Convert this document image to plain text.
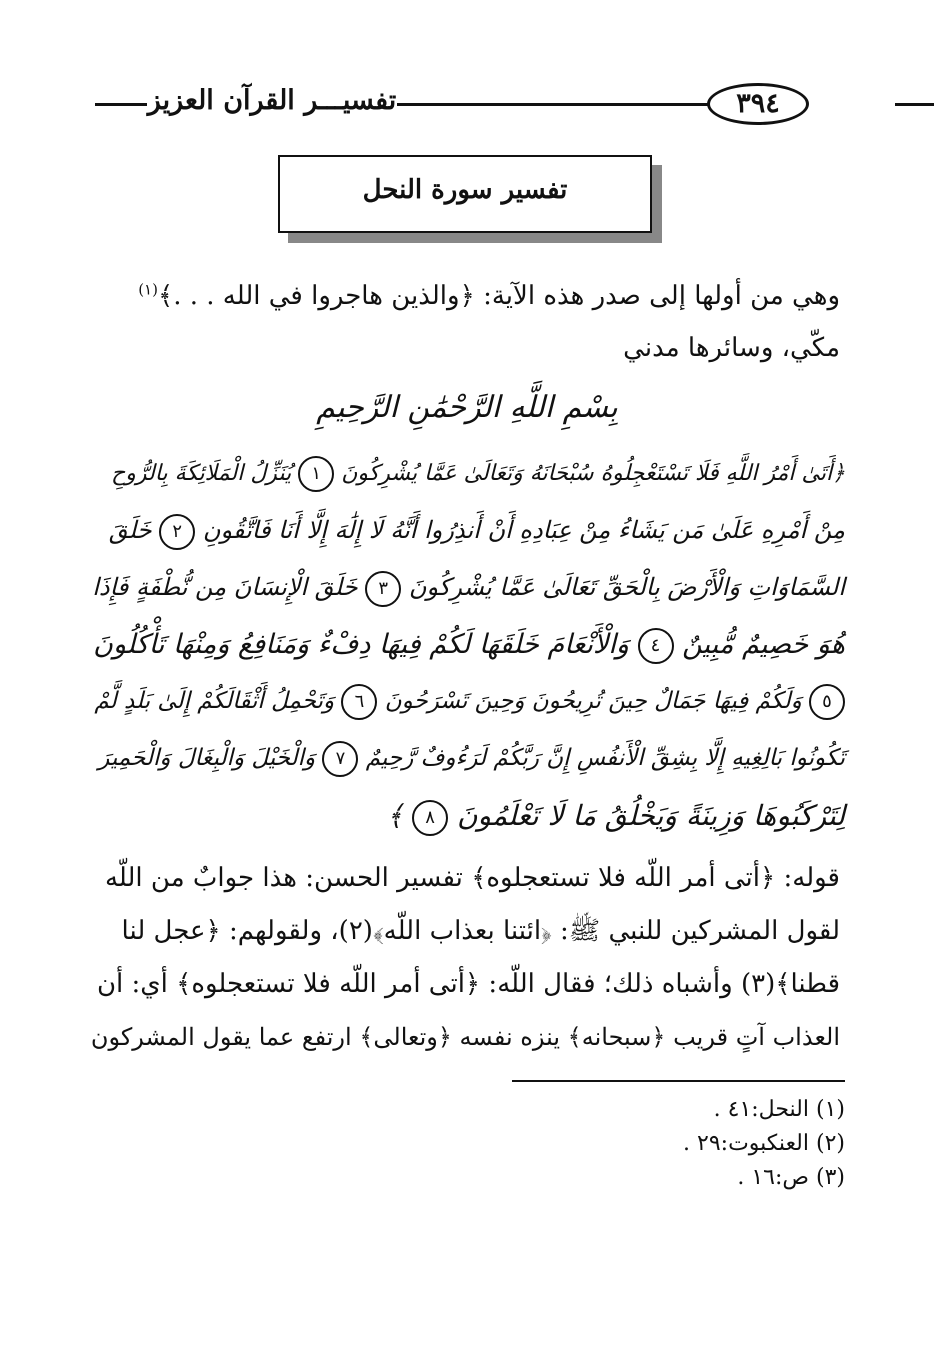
تفسيـــر القرآن العزيز	٣٩٤
تفسير سورة النحل
وهي من أولها إلى صدر هذه الآية: ﴿والذين هاجروا في الله . . .﴾$^{(١)}$
مكّي، وسائرها مدني
بِسْمِ اللَّهِ الرَّحْمَٰنِ الرَّحِيمِ
﴿أَتَىٰ أَمْرُ اللَّهِ فَلَا تَسْتَعْجِلُوهُ سُبْحَانَهُ وَتَعَالَىٰ عَمَّا يُشْرِكُونَ ١ يُنَزِّلُ الْمَلَائِكَةَ بِالرُّوحِ
مِنْ أَمْرِهِ عَلَىٰ مَن يَشَاءُ مِنْ عِبَادِهِ أَنْ أَنذِرُوا أَنَّهُ لَا إِلَٰهَ إِلَّا أَنَا فَاتَّقُونِ ٢ خَلَقَ
السَّمَاوَاتِ وَالْأَرْضَ بِالْحَقِّ تَعَالَىٰ عَمَّا يُشْرِكُونَ ٣ خَلَقَ الْإِنسَانَ مِن نُّطْفَةٍ فَإِذَا
هُوَ خَصِيمٌ مُّبِينٌ ٤ وَالْأَنْعَامَ خَلَقَهَا لَكُمْ فِيهَا دِفْءٌ وَمَنَافِعُ وَمِنْهَا تَأْكُلُونَ
٥ وَلَكُمْ فِيهَا جَمَالٌ حِينَ تُرِيحُونَ وَحِينَ تَسْرَحُونَ ٦ وَتَحْمِلُ أَثْقَالَكُمْ إِلَىٰ بَلَدٍ لَّمْ
تَكُونُوا بَالِغِيهِ إِلَّا بِشِقِّ الْأَنفُسِ إِنَّ رَبَّكُمْ لَرَءُوفٌ رَّحِيمٌ ٧ وَالْخَيْلَ وَالْبِغَالَ وَالْحَمِيرَ
لِتَرْكَبُوهَا وَزِينَةً وَيَخْلُقُ مَا لَا تَعْلَمُونَ ٨ ﴾
قوله: ﴿أتى أمر اللّه فلا تستعجلوه﴾ تفسير الحسن: هذا جوابٌ من اللّه
لقول المشركين للنبي ﷺ: ﴿ائتنا بعذاب اللّه﴾(٢)، ولقولهم: ﴿عجل لنا
قطنا﴾(٣) وأشباه ذلك؛ فقال اللّه: ﴿أتى أمر اللّه فلا تستعجلوه﴾ أي: أن
العذاب آتٍ قريب ﴿سبحانه﴾ ينزه نفسه ﴿وتعالى﴾ ارتفع عما يقول المشركون
(١) النحل:٤١ .
(٢) العنكبوت:٢٩ .
(٣) ص:١٦ .
